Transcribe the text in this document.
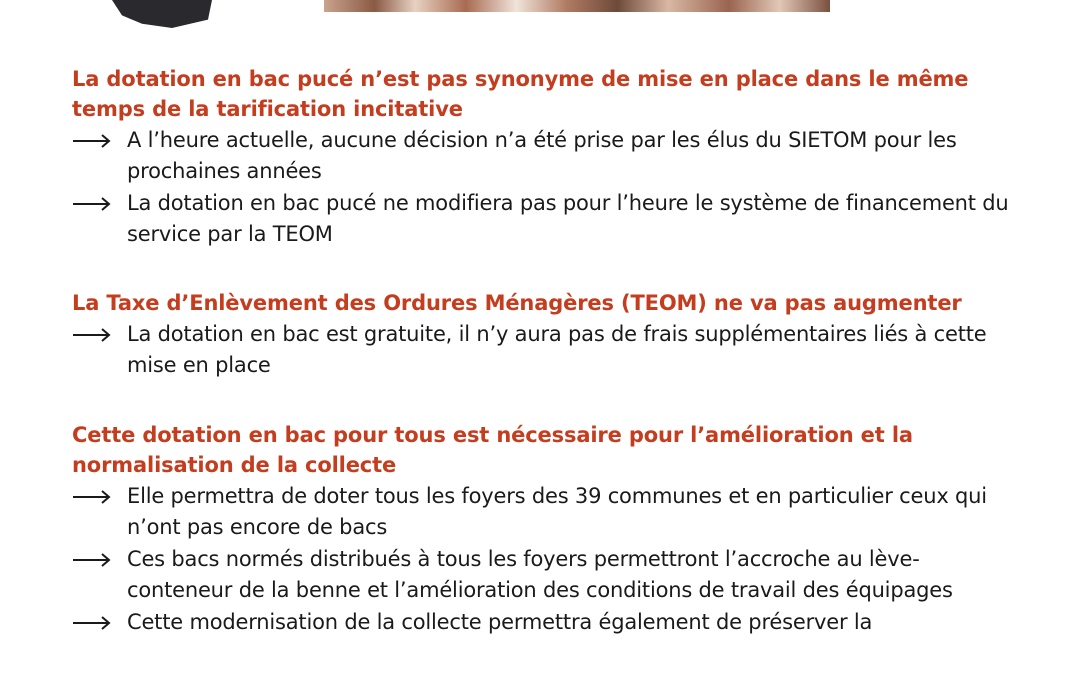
La dotation en bac pucé n’est pas synonyme de mise en place dans le même temps de la tarification incitative

A l’heure actuelle, aucune décision n’a été prise par les élus du SIETOM pour les prochaines années
La dotation en bac pucé ne modifiera pas pour l’heure le système de financement du service par la TEOM

La Taxe d’Enlèvement des Ordures Ménagères (TEOM) ne va pas augmenter

La dotation en bac est gratuite, il n’y aura pas de frais supplémentaires liés à cette mise en place

Cette dotation en bac pour tous est nécessaire pour l’amélioration et la normalisation de la collecte

Elle permettra de doter tous les foyers des 39 communes et en particulier ceux qui n’ont pas encore de bacs
Ces bacs normés distribués à tous les foyers permettront l’accroche au lève-conteneur de la benne et l’amélioration des conditions de travail des équipages
Cette modernisation de la collecte permettra également de préserver la
